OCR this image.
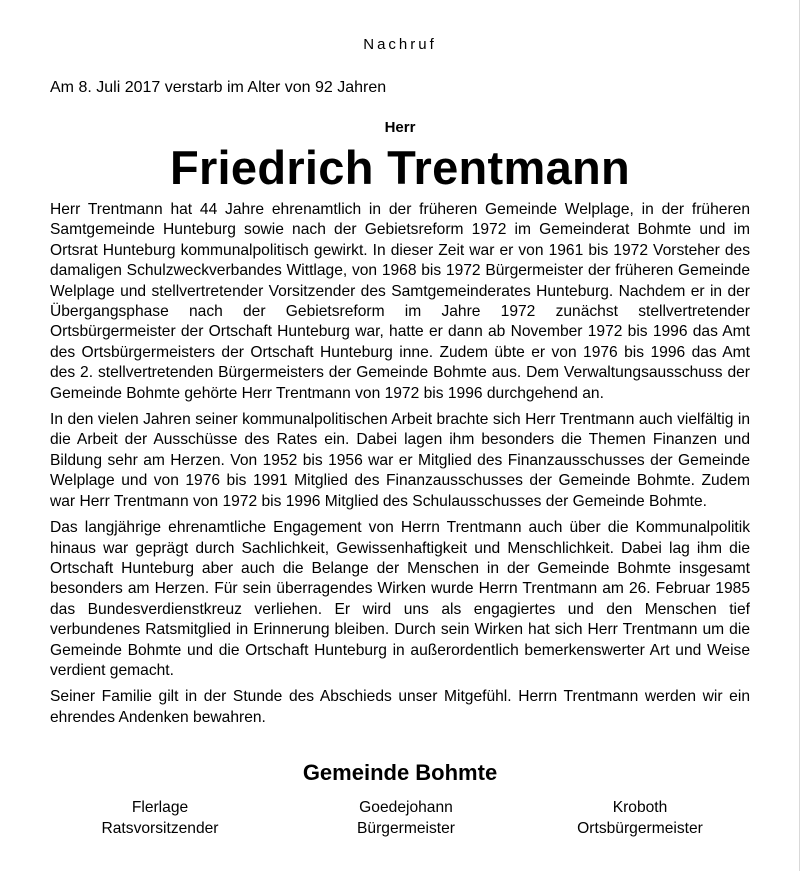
Nachruf
Am 8. Juli 2017 verstarb im Alter von 92 Jahren
Herr
Friedrich Trentmann

Herr Trentmann hat 44 Jahre ehrenamtlich in der früheren Gemeinde Welplage, in der früheren Samtgemeinde Hunteburg sowie nach der Gebietsreform 1972 im Gemeinderat Bohmte und im Ortsrat Hunteburg kommunalpolitisch gewirkt. In dieser Zeit war er von 1961 bis 1972 Vorsteher des damaligen Schulzweckverbandes Wittlage, von 1968 bis 1972 Bürgermeister der früheren Gemeinde Welplage und stellvertretender Vorsitzender des Samtgemeinderates Hunteburg. Nachdem er in der Übergangsphase nach der Gebietsreform im Jahre 1972 zunächst stellvertretender Ortsbürgermeister der Ortschaft Hunteburg war, hatte er dann ab November 1972 bis 1996 das Amt des Ortsbürgermeisters der Ortschaft Hunteburg inne. Zudem übte er von 1976 bis 1996 das Amt des 2. stellvertretenden Bürgermeisters der Gemeinde Bohmte aus. Dem Verwaltungsausschuss der Gemeinde Bohmte gehörte Herr Trentmann von 1972 bis 1996 durchgehend an.

In den vielen Jahren seiner kommunalpolitischen Arbeit brachte sich Herr Trentmann auch vielfältig in die Arbeit der Ausschüsse des Rates ein. Dabei lagen ihm besonders die Themen Finanzen und Bildung sehr am Herzen. Von 1952 bis 1956 war er Mitglied des Finanzausschusses der Gemeinde Welplage und von 1976 bis 1991 Mitglied des Finanzausschusses der Gemeinde Bohmte. Zudem war Herr Trentmann von 1972 bis 1996 Mitglied des Schulausschusses der Gemeinde Bohmte.

Das langjährige ehrenamtliche Engagement von Herrn Trentmann auch über die Kommunalpolitik hinaus war geprägt durch Sachlichkeit, Gewissenhaftigkeit und Menschlichkeit. Dabei lag ihm die Ortschaft Hunteburg aber auch die Belange der Menschen in der Gemeinde Bohmte insgesamt besonders am Herzen. Für sein überragendes Wirken wurde Herrn Trentmann am 26. Februar 1985 das Bundesverdienstkreuz verliehen. Er wird uns als engagiertes und den Menschen tief verbundenes Ratsmitglied in Erinnerung bleiben. Durch sein Wirken hat sich Herr Trentmann um die Gemeinde Bohmte und die Ortschaft Hunteburg in außerordentlich bemerkenswerter Art und Weise verdient gemacht.

Seiner Familie gilt in der Stunde des Abschieds unser Mitgefühl. Herrn Trentmann werden wir ein ehrendes Andenken bewahren.

Gemeinde Bohmte
Flerlage
Ratsvorsitzender
Goedejohann
Bürgermeister
Kroboth
Ortsbürgermeister
